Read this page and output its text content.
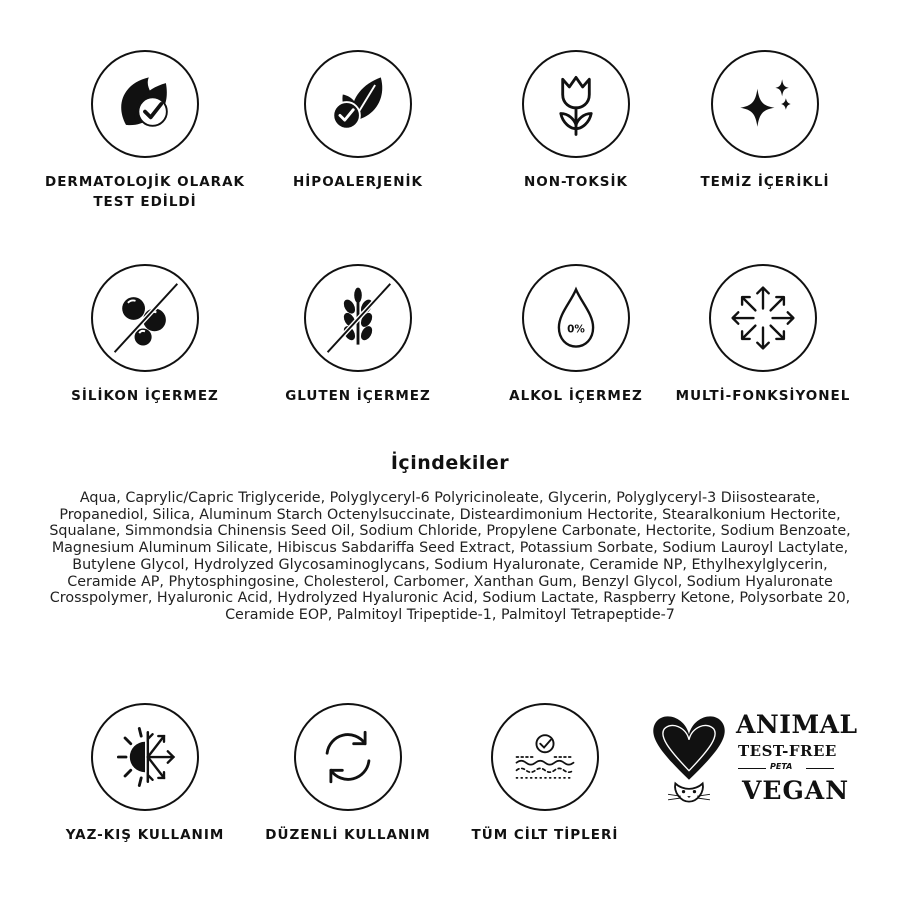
DERMATOLOJİK OLARAK
TEST EDİLDİ
HİPOALERJENİK	NON-TOKSİK	TEMİZ İÇERİKLİ
SİLİKON İÇERMEZ	GLUTEN İÇERMEZ
0%
ALKOL İÇERMEZ	MULTİ-FONKSİYONEL
İçindekiler
Aqua, Caprylic/Capric Triglyceride, Polyglyceryl-6 Polyricinoleate, Glycerin, Polyglyceryl-3 Diisostearate, Propanediol, Silica, Aluminum Starch Octenylsuccinate, Disteardimonium Hectorite, Stearalkonium Hectorite, Squalane, Simmondsia Chinensis Seed Oil, Sodium Chloride, Propylene Carbonate, Hectorite, Sodium Benzoate, Magnesium Aluminum Silicate, Hibiscus Sabdariffa Seed Extract, Potassium Sorbate, Sodium Lauroyl Lactylate, Butylene Glycol, Hydrolyzed Glycosaminoglycans, Sodium Hyaluronate, Ceramide NP, Ethylhexylglycerin, Ceramide AP, Phytosphingosine, Cholesterol, Carbomer, Xanthan Gum, Benzyl Glycol, Sodium Hyaluronate Crosspolymer, Hyaluronic Acid, Hydrolyzed Hyaluronic Acid, Sodium Lactate, Raspberry Ketone, Polysorbate 20, Ceramide EOP, Palmitoyl Tripeptide-1, Palmitoyl Tetrapeptide-7
YAZ-KIŞ KULLANIM	DÜZENLİ KULLANIM	TÜM CİLT TİPLERİ
ANIMAL
TEST-FREE
PETA
VEGAN
